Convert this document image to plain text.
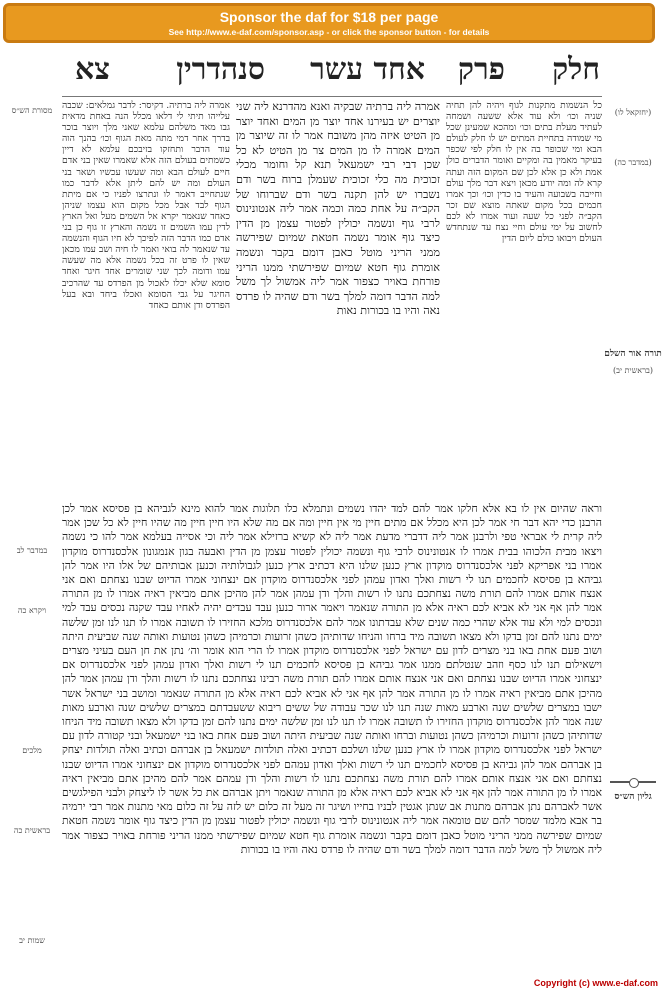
Sponsor the daf for $18 per page
See http://www.e-daf.com/sponsor.asp - or click the sponsor button - for details
חלק
פרק
אחד עשר
סנהדרין
צא
מסורת הש״ס
מלכים
בראשית כה
במדבר לב
ויקרא כה
שמות יב
(יחזקאל לו)
(במדבר כה)
תורה אור השלם
(בראשית יב)
גליון הש״ס
אמרה ליה ברתיה. דקיסר: לדבר גמלאים: שכבה עלייהו תיתי לי דלאו מכלל הנה באחת מדאית גבו מאד משלהם עלמא שאני מלך ויוצר בוכר בדרך אחר דמי מתה מאת הגוף וכו׳ בהנך הוה עוד הדבר ותחזקו בזיבכם עלמא לא דיין כשמתים בעולם הזה אלא שאמרו שאין בני אדם חיים לעולם הבא ומה שעשו עכשיו ושאר בני העולם ומה יש להם ליתן אלא לדבר כמו שנתחייב דאמר לו ונתרצו לפניו כי אם מיתת הגוף לבד אבל מכל מקום הוא עצמו שניהן כאחד שנאמר יקרא אל השמים מעל ואל הארץ לדין עמו השמים זו נשמה והארץ זו גוף כן בני אדם כמו הדבר הזה לפיכך לא חיו הגוף והנשמה עד שנאמר לה בואי ואמר לו חיה ושב עמו מכאן שאין לו פרט זה בכל נשמה אלא מה שעשה עמו ודומה לכך שני שומרים אחד חיגר ואחד סומא שלא יכלו לאכול מן הפרדס עד שהרכיב החיגר על גבי הסומא ואכלו ביחד ובא בעל הפרדס ודן אותם כאחד
אמרה ליה ברתיה שבקיה ואנא מהדרנא ליה שני יוצרים יש בעירנו אחד יוצר מן המים ואחד יוצר מן הטיט איזה מהן משובח אמר לו זה שיוצר מן המים אמרה לו מן המים צר מן הטיט לא כל שכן דבי רבי ישמעאל תנא קל וחומר מכלי זכוכית מה כלי זכוכית שעמלן ברוח בשר ודם נשברו יש להן תקנה בשר ודם שברוחו של הקב״ה על אחת כמה וכמה אמר ליה אנטונינוס לרבי גוף ונשמה יכולין לפטור עצמן מן הדין כיצד גוף אומר נשמה חטאת שמיום שפירשה ממני הריני מוטל כאבן דומם בקבר ונשמה אומרת גוף חטא שמיום שפירשתי ממנו הריני פורחת באויר כצפור אמר ליה אמשול לך משל למה הדבר דומה למלך בשר ודם שהיה לו פרדס נאה והיו בו בכורות נאות
כל הנשמות מתקנות לגוף ויהיה להן תחיה שניה וכו׳ ולא עוד אלא ששעה ושמחה לעתיד מעלת בתים וכו׳ ומהכא שמעינן שכל מי שמודה בתחיית המתים יש לו חלק לעולם הבא ומי שכופר בה אין לו חלק לפי שכפר בעיקר מאמין בה ומקיים ואומר הדברים כולן אמת ולא כן אלא לכן שם המקום הזה ועתה קרא לה ומה יודע מכאן ויצא דבר מלך עולם וחייבה בשבועה והעיד בו כדין וכו׳ וכך אמרו חכמים בכל מקום שאתה מוצא שם זכר הקב״ה לפני כל שעה ועוד אמרו לא לכם לחשוב על ימי עולם וחיי נצח עד שנתחדש העולם ויבואו כולם ליום הדין
וראה שהיום אין לו בא אלא חלקו אמר להם למד יהדו נשמים ונתמלא כלו תלוגות אמר להוא מינא לגביהא בן פסיסא אמר לכן הרבנן כדי יהא דבר חי אמר לכן היא מכלל אם מתים חיין מי אין חיין ומה אם מה שלא היו חיין חיין מה שהיו חיין לא כל שכן אמר ליה קרית לי אבראי טפי ולרבנן אמר ליה דדברי מדעת אמר ליה לא קשיא ברזילא אמר ליה וכי אסייה בעלמא אמר להו כי נשמה ויצאו מבית הלכוהו בבית אמרו לו אנטונינוס לרבי גוף ונשמה יכולין לפטור עצמן מן הדין ואבעה בגון אנמגונון אלכסנדרוס מוקדון אמרו בני אפריקא לפני אלכסנדרוס מוקדון ארץ כנען שלנו היא דכתיב ארץ כנען לגבולותיה וכנען אבותיהם של אלו היו אמר להן גביהא בן פסיסא לחכמים תנו לי רשות ואלך ואדון עמהן לפני אלכסנדרוס מוקדון אם ינצחוני אמרו הדיוט שבנו נצחתם ואם אני אנצח אותם אמרו להם תורת משה נצחתכם נתנו לו רשות והלך ודן עמהן אמר להן מהיכן אתם מביאין ראיה אמרו לו מן התורה אמר להן אף אני לא אביא לכם ראיה אלא מן התורה שנאמר ויאמר ארור כנען עבד עבדים יהיה לאחיו עבד שקנה נכסים עבד למי ונכסים למי ולא עוד אלא שהרי כמה שנים שלא עבדתונו אמר להם אלכסנדרוס מלכא החזירו לו תשובה אמרו לו תנו לנו זמן שלשה ימים נתנו להם זמן בדקו ולא מצאו תשובה מיד ברחו והניחו שדותיהן כשהן זרועות וכרמיהן כשהן נטועות ואותה שנה שביעית היתה ושוב פעם אחת באו בני מצרים לדון עם ישראל לפני אלכסנדרוס מוקדון אמרו לו הרי הוא אומר וה׳ נתן את חן העם בעיני מצרים וישאילום תנו לנו כסף וזהב שנטלתם ממנו אמר גביהא בן פסיסא לחכמים תנו לי רשות ואלך ואדון עמהן לפני אלכסנדרוס אם ינצחוני אמרו הדיוט שבנו נצחתם ואם אני אנצח אותם אמרו להם תורת משה רבינו נצחתכם נתנו לו רשות והלך ודן עמהן אמר להן מהיכן אתם מביאין ראיה אמרו לו מן התורה אמר להן אף אני לא אביא לכם ראיה אלא מן התורה שנאמר ומושב בני ישראל אשר ישבו במצרים שלשים שנה וארבע מאות שנה תנו לנו שכר עבודה של ששים ריבוא ששעבדתם במצרים שלשים שנה וארבע מאות שנה אמר להן אלכסנדרוס מוקדון החזירו לו תשובה אמרו לו תנו לנו זמן שלשה ימים נתנו להם זמן בדקו ולא מצאו תשובה מיד הניחו שדותיהן כשהן זרועות וכרמיהן כשהן נטועות וברחו ואותה שנה שביעית היתה ושוב פעם אחת באו בני ישמעאל ובני קטורה לדון עם ישראל לפני אלכסנדרוס מוקדון אמרו לו ארץ כנען שלנו ושלכם דכתיב ואלה תולדות ישמעאל בן אברהם וכתיב ואלה תולדות יצחק בן אברהם אמר להן גביהא בן פסיסא לחכמים תנו לי רשות ואלך ואדון עמהם לפני אלכסנדרוס מוקדון אם ינצחוני אמרו הדיוט שבנו נצחתם ואם אני אנצח אותם אמרו להם תורת משה נצחתכם נתנו לו רשות והלך ודן עמהם אמר להם מהיכן אתם מביאין ראיה אמרו לו מן התורה אמר להן אף אני לא אביא לכם ראיה אלא מן התורה שנאמר ויתן אברהם את כל אשר לו ליצחק ולבני הפילגשים אשר לאברהם נתן אברהם מתנות אב שנתן אגטין לבניו בחייו ושיגר זה מעל זה כלום יש לזה על זה כלום מאי מתנות אמר רבי ירמיה בר אבא מלמד שמסר להם שם טומאה אמר ליה אנטונינוס לרבי גוף ונשמה יכולין לפטור עצמן מן הדין כיצד גוף אומר נשמה חטאת שמיום שפירשה ממני הריני מוטל כאבן דומם בקבר ונשמה אומרת גוף חטא שמיום שפירשתי ממנו הריני פורחת באויר כצפור אמר ליה אמשול לך משל למה הדבר דומה למלך בשר ודם שהיה לו פרדס נאה והיו בו בכורות
Copyright (c) www.e-daf.com
